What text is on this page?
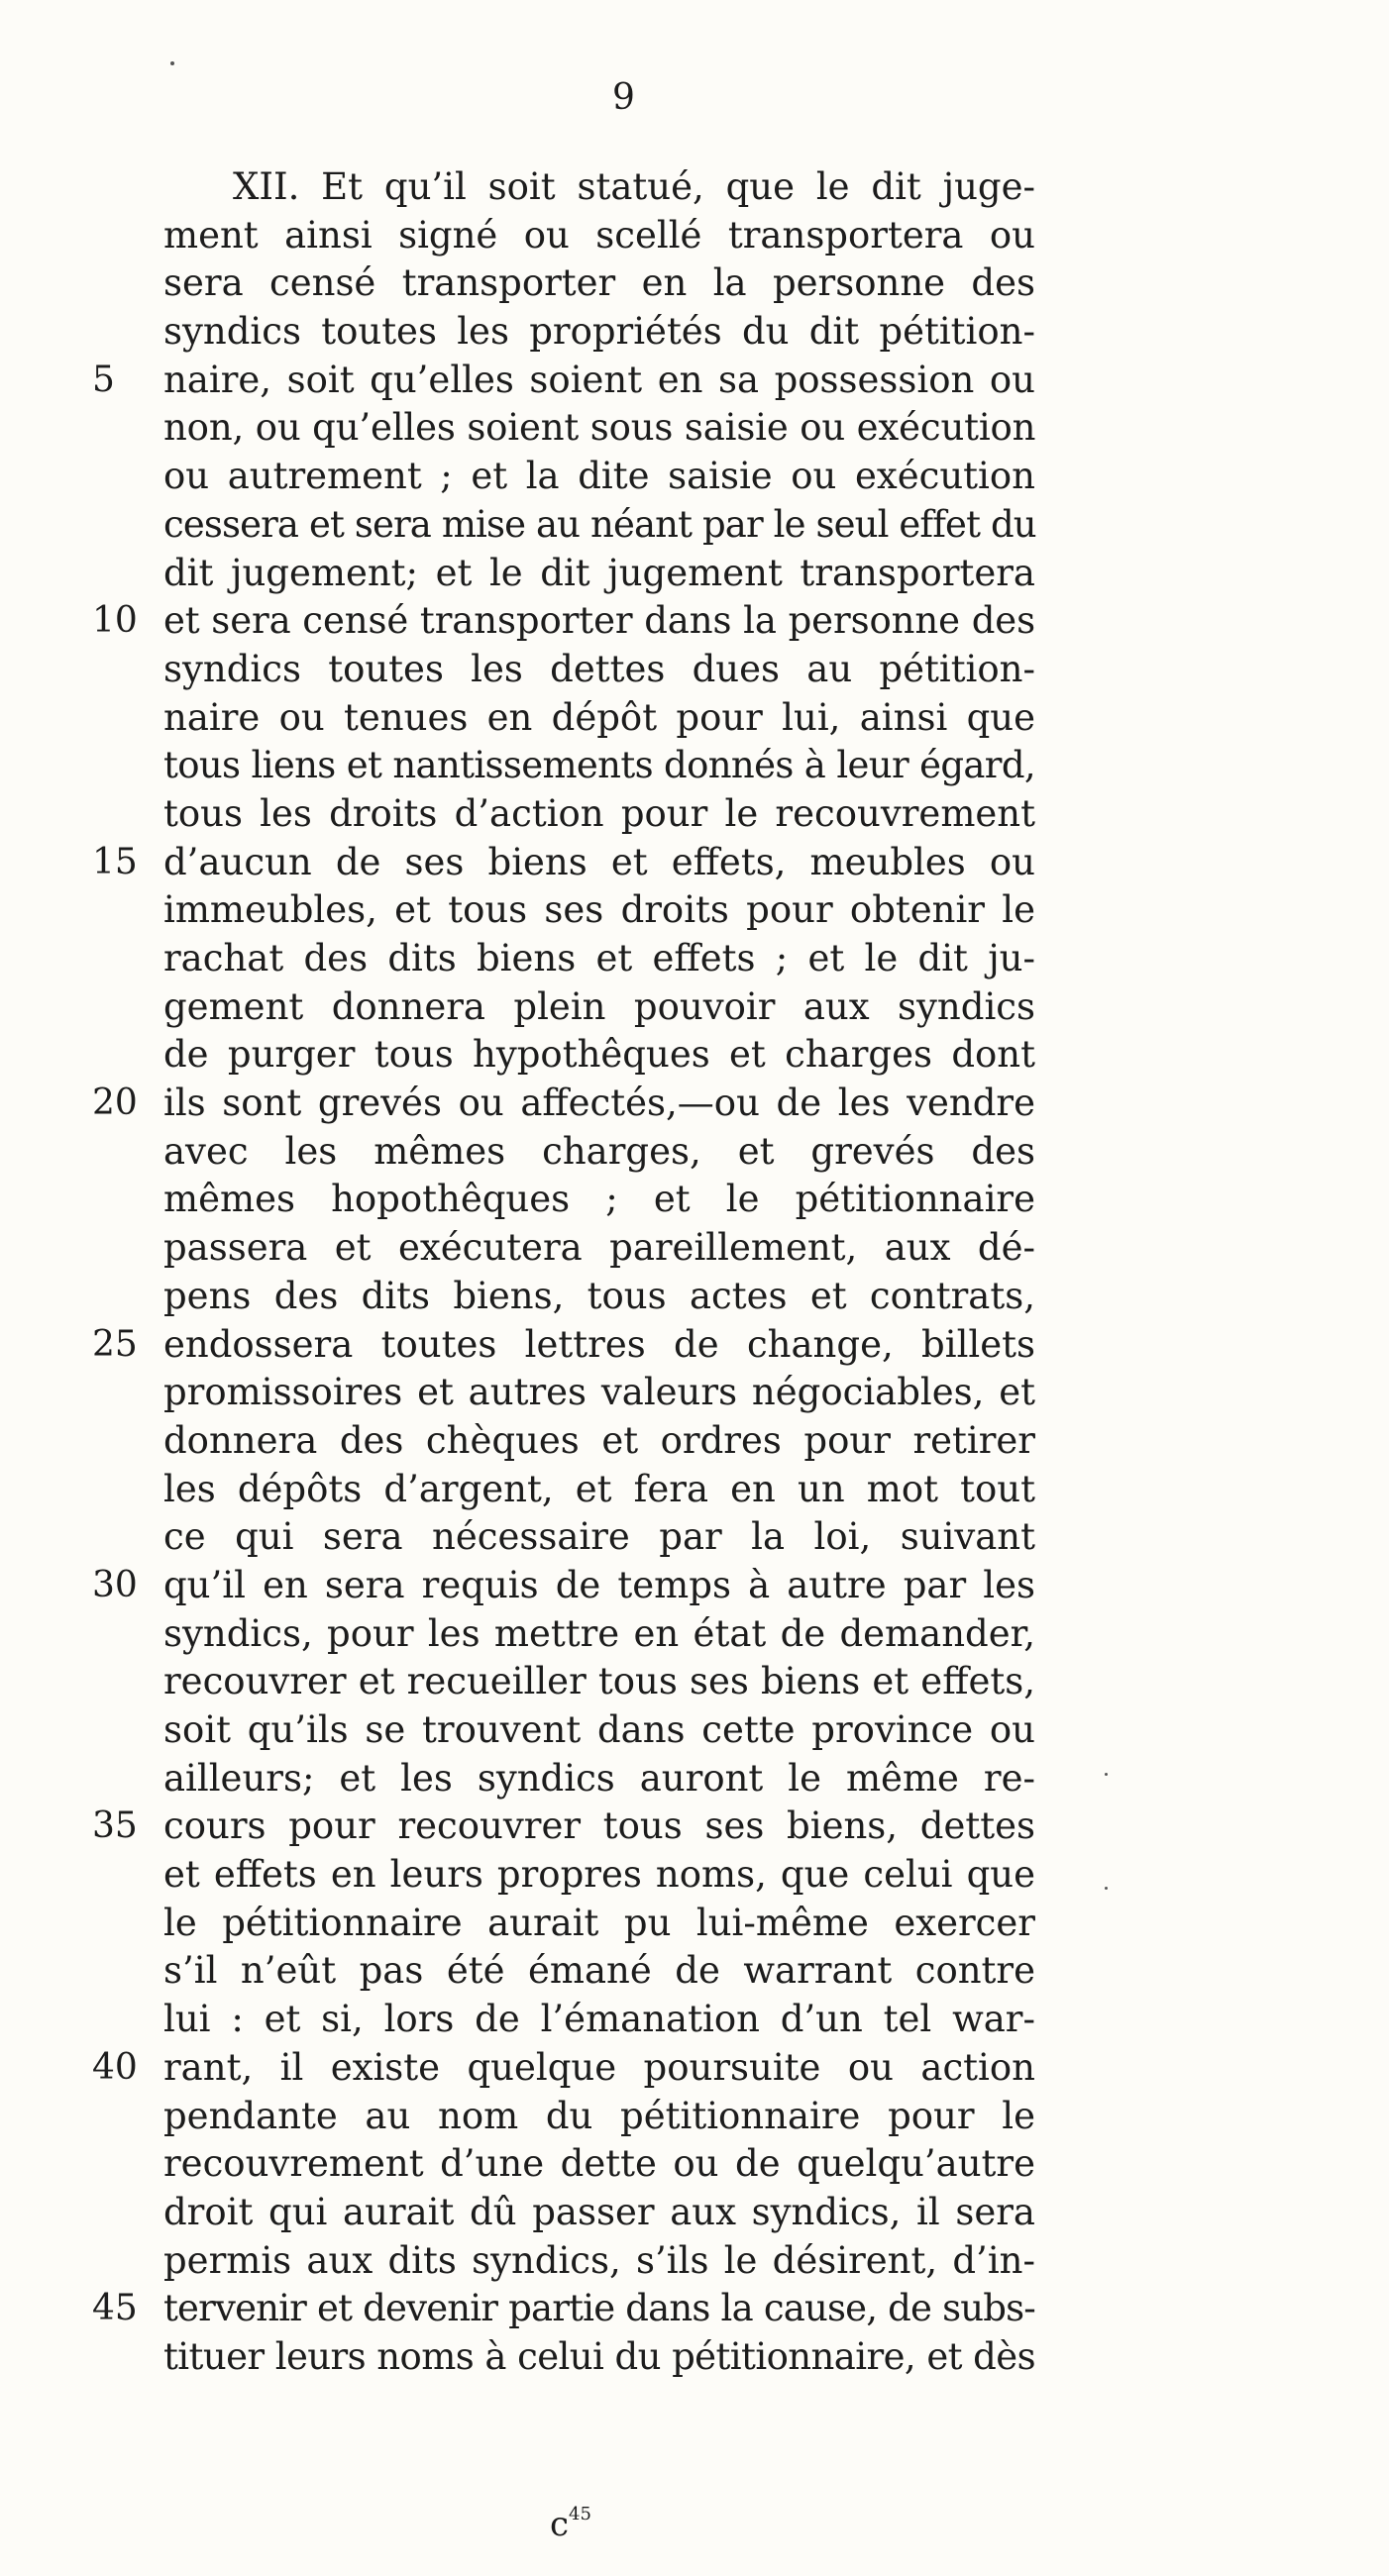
9
XII. Et qu’il soit statué, que le dit juge-
ment ainsi signé ou scellé transportera ou
sera censé transporter en la personne des
syndics toutes les propriétés du dit pétition-
5	naire, soit qu’elles soient en sa possession ou
non, ou qu’elles soient sous saisie ou exécution
ou autrement ; et la dite saisie ou exécution
cessera et sera mise au néant par le seul effet du
dit jugement; et le dit jugement transportera
10 et sera censé transporter dans la personne des
syndics toutes les dettes dues au pétition-
naire ou tenues en dépôt pour lui, ainsi que
tous liens et nantissements donnés à leur égard,
tous les droits d’action pour le recouvrement
15 d’aucun de ses biens et effets, meubles ou
immeubles, et tous ses droits pour obtenir le
rachat des dits biens et effets ; et le dit ju-
gement donnera plein pouvoir aux syndics
de purger tous hypothêques et charges dont
20 ils sont grevés ou affectés,—ou de les vendre
avec les mêmes charges, et grevés des
mêmes hopothêques ; et le pétitionnaire
passera et exécutera pareillement, aux dé-
pens des dits biens, tous actes et contrats,
25 endossera toutes lettres de change, billets
promissoires et autres valeurs négociables, et
donnera des chèques et ordres pour retirer
les dépôts d’argent, et fera en un mot tout
ce qui sera nécessaire par la loi, suivant
30 qu’il en sera requis de temps à autre par les
syndics, pour les mettre en état de demander,
recouvrer et recueiller tous ses biens et effets,
soit qu’ils se trouvent dans cette province ou
ailleurs; et les syndics auront le même re-
35 cours pour recouvrer tous ses biens, dettes
et effets en leurs propres noms, que celui que
le pétitionnaire aurait pu lui-même exercer
s’il n’eût pas été émané de warrant contre
lui : et si, lors de l’émanation d’un tel war-
40 rant, il existe quelque poursuite ou action
pendante au nom du pétitionnaire pour le
recouvrement d’une dette ou de quelqu’autre
droit qui aurait dû passer aux syndics, il sera
permis aux dits syndics, s’ils le désirent, d’in-
45 tervenir et devenir partie dans la cause, de subs-
tituer leurs noms à celui du pétitionnaire, et dès
$c^{45}$
